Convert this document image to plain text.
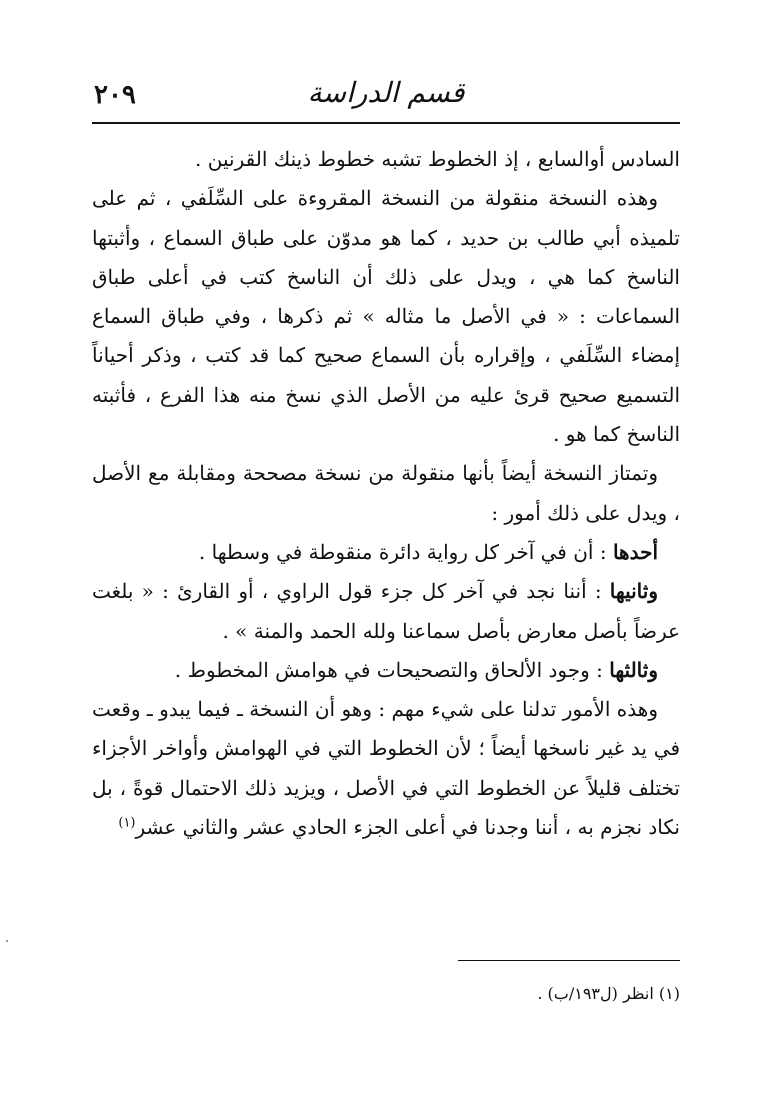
قسم الدراسة
٢٠٩

السادس أوالسابع ، إذ الخطوط تشبه خطوط ذينك القرنين .

وهذه النسخة منقولة من النسخة المقروءة على السِّلَفي ، ثم على تلميذه أبي طالب بن حديد ، كما هو مدوّن على طباق السماع ، وأثبتها الناسخ كما هي ، ويدل على ذلك أن الناسخ كتب في أعلى طباق السماعات : « في الأصل ما مثاله » ثم ذكرها ، وفي طباق السماع إمضاء السِّلَفي ، وإقراره بأن السماع صحيح كما قد كتب ، وذكر أحياناً التسميع صحيح قرئ عليه من الأصل الذي نسخ منه هذا الفرع ، فأثبته الناسخ كما هو .

وتمتاز النسخة أيضاً بأنها منقولة من نسخة مصححة ومقابلة مع الأصل ، ويدل على ذلك أمور :

أحدها : أن في آخر كل رواية دائرة منقوطة في وسطها .

وثانيها : أننا نجد في آخر كل جزء قول الراوي ، أو القارئ : « بلغت عرضاً بأصل معارض بأصل سماعنا ولله الحمد والمنة » .

وثالثها : وجود الألحاق والتصحيحات في هوامش المخطوط .

وهذه الأمور تدلنا على شيء مهم : وهو أن النسخة ـ فيما يبدو ـ وقعت في يد غير ناسخها أيضاً ؛ لأن الخطوط التي في الهوامش وأواخر الأجزاء تختلف قليلاً عن الخطوط التي في الأصل ، ويزيد ذلك الاحتمال قوةً ، بل نكاد نجزم به ، أننا وجدنا في أعلى الجزء الحادي عشر والثاني عشر$^{(١)}$

(١) انظر (ل١٩٣/ب) .
